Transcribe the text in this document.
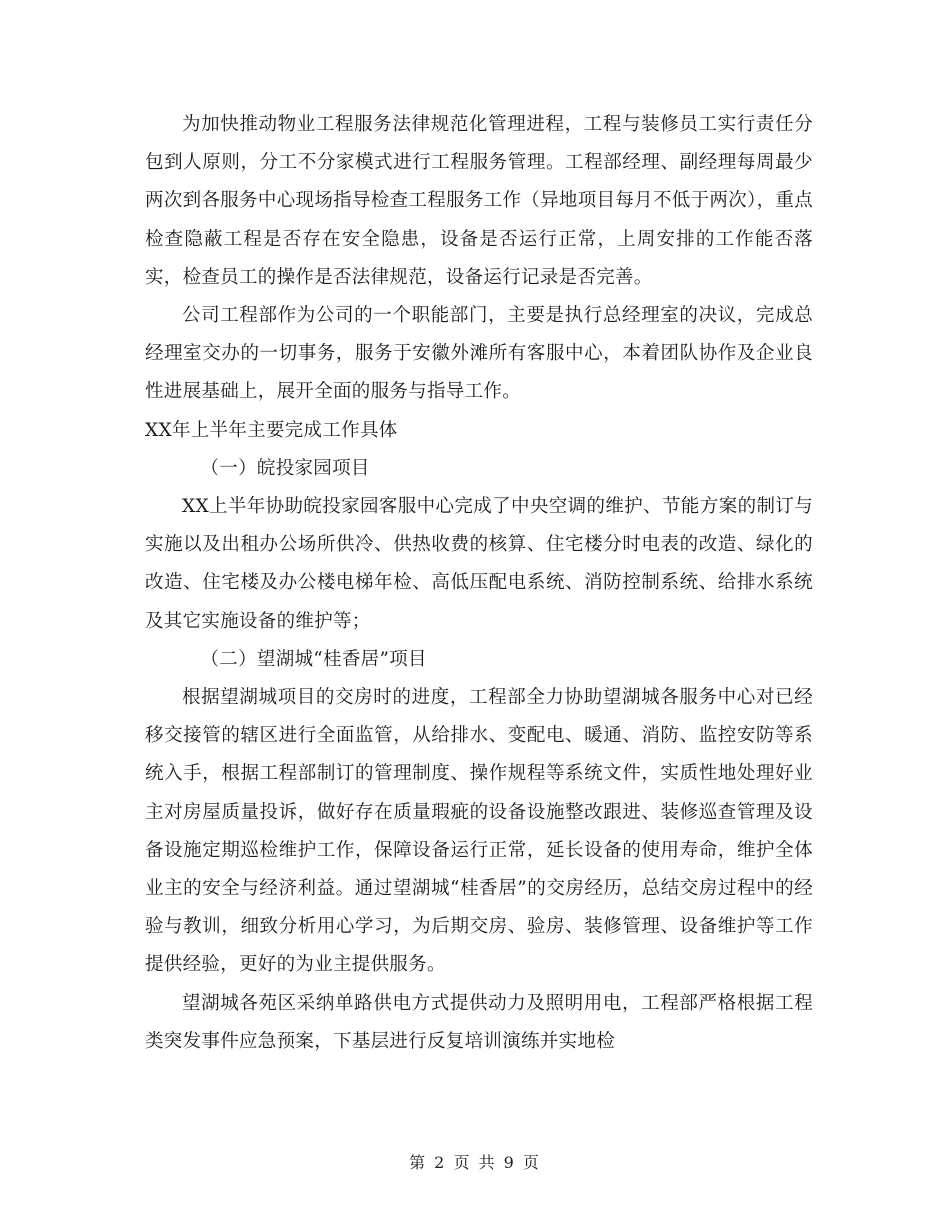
为加快推动物业工程服务法律规范化管理进程，工程与装修员工实行责任分包到人原则，分工不分家模式进行工程服务管理。工程部经理、副经理每周最少两次到各服务中心现场指导检查工程服务工作（异地项目每月不低于两次），重点检查隐蔽工程是否存在安全隐患，设备是否运行正常，上周安排的工作能否落实，检查员工的操作是否法律规范，设备运行记录是否完善。

公司工程部作为公司的一个职能部门，主要是执行总经理室的决议，完成总经理室交办的一切事务，服务于安徽外滩所有客服中心，本着团队协作及企业良性进展基础上，展开全面的服务与指导工作。

XX年上半年主要完成工作具体

（一）皖投家园项目

XX上半年协助皖投家园客服中心完成了中央空调的维护、节能方案的制订与实施以及出租办公场所供冷、供热收费的核算、住宅楼分时电表的改造、绿化的改造、住宅楼及办公楼电梯年检、高低压配电系统、消防控制系统、给排水系统及其它实施设备的维护等；

（二）望湖城“桂香居”项目

根据望湖城项目的交房时的进度，工程部全力协助望湖城各服务中心对已经移交接管的辖区进行全面监管，从给排水、变配电、暖通、消防、监控安防等系统入手，根据工程部制订的管理制度、操作规程等系统文件，实质性地处理好业主对房屋质量投诉，做好存在质量瑕疵的设备设施整改跟进、装修巡查管理及设备设施定期巡检维护工作，保障设备运行正常，延长设备的使用寿命，维护全体业主的安全与经济利益。通过望湖城“桂香居”的交房经历，总结交房过程中的经验与教训，细致分析用心学习，为后期交房、验房、装修管理、设备维护等工作提供经验，更好的为业主提供服务。

望湖城各苑区采纳单路供电方式提供动力及照明用电，工程部严格根据工程类突发事件应急预案，下基层进行反复培训演练并实地检

第 2 页 共 9 页
